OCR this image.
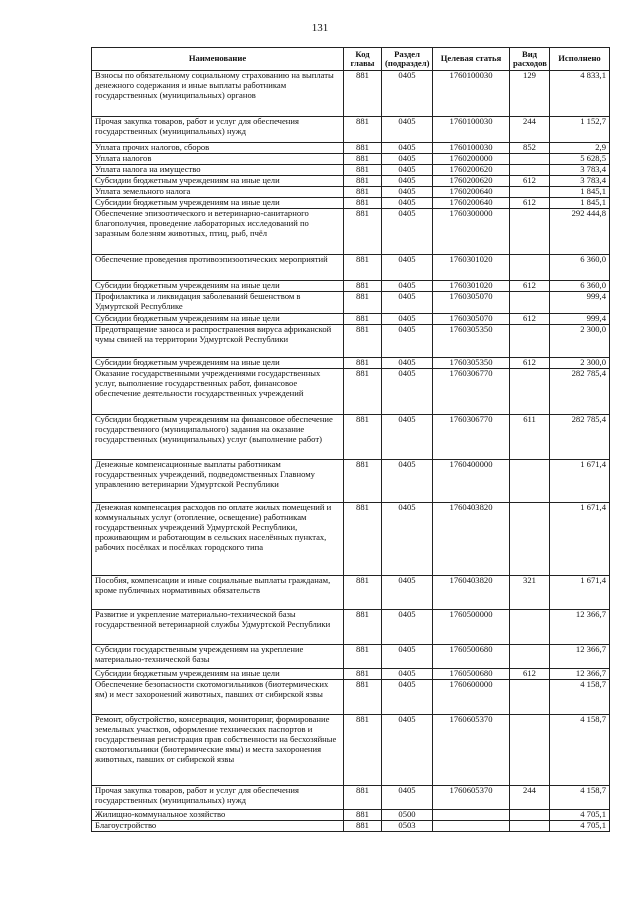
131
Наименование	Код главы	Раздел (подраздел)	Целевая статья	Вид расходов	Исполнено
Взносы по обязательному социальному страхованию на выплаты денежного содержания и иные выплаты работникам государственных (муниципальных) органов	881	0405	1760100030	129	4 833,1
Прочая закупка товаров, работ и услуг для обеспечения государственных (муниципальных) нужд	881	0405	1760100030	244	1 152,7
Уплата прочих налогов, сборов	881	0405	1760100030	852	2,9
Уплата налогов	881	0405	1760200000		5 628,5
Уплата налога на имущество	881	0405	1760200620		3 783,4
Субсидии бюджетным учреждениям на иные цели	881	0405	1760200620	612	3 783,4
Уплата земельного налога	881	0405	1760200640		1 845,1
Субсидии бюджетным учреждениям на иные цели	881	0405	1760200640	612	1 845,1
Обеспечение эпизоотического и ветеринарно-санитарного благополучия, проведение лабораторных исследований по заразным болезням животных, птиц, рыб, пчёл	881	0405	1760300000		292 444,8
Обеспечение проведения противоэпизоотических мероприятий	881	0405	1760301020		6 360,0
Субсидии бюджетным учреждениям на иные цели	881	0405	1760301020	612	6 360,0
Профилактика и ликвидация заболеваний бешенством в Удмуртской Республике	881	0405	1760305070		999,4
Субсидии бюджетным учреждениям на иные цели	881	0405	1760305070	612	999,4
Предотвращение заноса и распространения вируса африканской чумы свиней на территории Удмуртской Республики	881	0405	1760305350		2 300,0
Субсидии бюджетным учреждениям на иные цели	881	0405	1760305350	612	2 300,0
Оказание государственными учреждениями государственных услуг, выполнение государственных работ, финансовое обеспечение деятельности государственных учреждений	881	0405	1760306770		282 785,4
Субсидии бюджетным учреждениям на финансовое обеспечение государственного (муниципального) задания на оказание государственных (муниципальных) услуг (выполнение работ)	881	0405	1760306770	611	282 785,4
Денежные компенсационные выплаты работникам государственных учреждений, подведомственных Главному управлению ветеринарии Удмуртской Республики	881	0405	1760400000		1 671,4
Денежная компенсация расходов по оплате жилых помещений и коммунальных услуг (отопление, освещение) работникам государственных учреждений Удмуртской Республики, проживающим и работающим в сельских населённых пунктах, рабочих посёлках и посёлках городского типа	881	0405	1760403820		1 671,4
Пособия, компенсации и иные социальные выплаты гражданам, кроме публичных нормативных обязательств	881	0405	1760403820	321	1 671,4
Развитие и укрепление материально-технической базы государственной ветеринарной службы Удмуртской Республики	881	0405	1760500000		12 366,7
Субсидии государственным учреждениям на укрепление материально-технической базы	881	0405	1760500680		12 366,7
Субсидии бюджетным учреждениям на иные цели	881	0405	1760500680	612	12 366,7
Обеспечение безопасности скотомогильников (биотермических ям) и мест захоронений животных, павших от сибирской язвы	881	0405	1760600000		4 158,7
Ремонт, обустройство, консервация, мониторинг, формирование земельных участков, оформление технических паспортов и государственная регистрация прав собственности на бесхозяйные скотомогильники (биотермические ямы) и места захоронения животных, павших от сибирской язвы	881	0405	1760605370		4 158,7
Прочая закупка товаров, работ и услуг для обеспечения государственных (муниципальных) нужд	881	0405	1760605370	244	4 158,7
Жилищно-коммунальное хозяйство	881	0500			4 705,1
Благоустройство	881	0503			4 705,1
